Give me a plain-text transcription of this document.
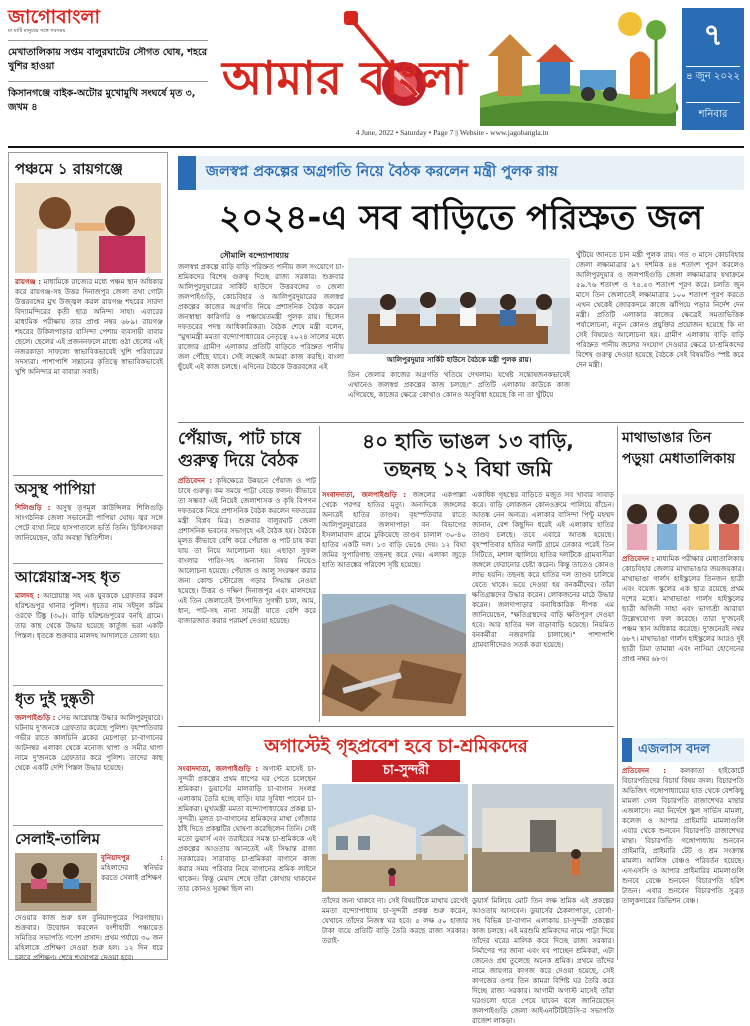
জাগোবাংলা
মা মাটি মানুষের সঙ্গে সবসময়
মেখাতালিকায় সপ্তম বালুরঘাটের সৌগত ঘোষ, শহরে খুশির হাওয়া
কিসানগঞ্জে বাইক-অটোর মুখোমুখি সংঘর্ষে মৃত ৩, জখম ৪
আমার বাংলা
৭
৪ জুন ২০২২
শনিবার
4 June, 2022 • Saturday • Page 7 || Website - www.jagobangla.in
পঞ্চমে ১ রায়গঞ্জে
রায়গঞ্জ : মাধ্যমিকে রাজ্যের মধ্যে পঞ্চম স্থান অধিকার করে রায়গঞ্জ-সহ উত্তর দিনাজপুর জেলা তথা গোটা উত্তরবঙ্গের মুখ উজ্জ্বল করল রায়গঞ্জ শহরের সারদা বিদ্যামন্দিরের কৃতী ছাত্র অনিন্দ্য সাহা। এবারের মাধ্যমিক পরীক্ষায় তার প্রাপ্ত নম্বর ৬৮৯। রায়গঞ্জ শহরের উকিলপাড়ার বাসিন্দা পেশায় ব্যবসায়ী বাবার ছেলে। ছেলের এই প্রজননফলে মাধ্যে ওঠা ছেলের এই নজরকাড়া সাফল্যে স্বাভাবিকভাবেই খুশি পরিবারের সদস্যরা। পাশাপাশি সন্তানের কৃতিত্বে স্বাভাবিকভাবেই খুশি অনিন্দ্যর মা বাবারা সবাই।
অসুস্থ পাপিয়া
শিলিগুড়ি : অসুস্থ তৃণমূল কাউন্সিলর শিলিগুড়ি সাংগঠনিক জেলা সভানেত্রী পাপিয়া ঘোষ। জ্বর সঙ্গে পেটে ব্যথা নিয়ে হাসপাতালে ভর্তি তিনি। চিকিৎসকরা জানিয়েছেন, তাঁর অবস্থা স্থিতিশীল।
আগ্নেয়াস্ত্র-সহ ধৃত
মালদহ : আগ্নেয়াস্ত্র সহ এক যুবককে গ্রেফতার করল হরিশ্চন্দ্রপুর থানার পুলিশ। ধৃতের নাম সইদুল করিম ওরফে টিঙ্কু (৩০)। বাড়ি হরিশ্চন্দ্রপুরের বনহি গ্রামে। তার কাছ থেকে উদ্ধার হয়েছে কার্তুজ ভরা একটি পিস্তল। ধৃতকে শুক্রবার মালদহ আদালতে তোলা হয়।
ধৃত দুই দুষ্কৃতী
জলপাইগুড়ি : সেভ আগ্নেয়াস্ত্র উদ্ধার আলিপুরদুয়ারে। ঘটনায় দু'জনকে গ্রেফতার করেছে পুলিশ। বৃহস্পতিবার গভীর রাতে কালচিনি ব্লকের মেচপাড়া চা-বাগানের আটনম্বর এলাকা থেকে মনোজ থাপা ও সমীর থাপা নামে দু'জনকে গ্রেফতার করে পুলিশ। তাদের কাছ থেকে একটি দেশি পিস্তল উদ্ধার হয়েছে।
সেলাই-তালিম
বুনিয়াদপুর : মহিলাদের স্বনির্ভর করতে সেলাই প্রশিক্ষণ
দেওয়ার কাজ শুরু হল বুনিয়াদপুরের পিরগাছায়। শুক্রবার। উদ্বোধন করলেন বংশীহারী পঞ্চায়েত সমিতির সভাপতি গণেশ প্রসাদ। প্রথম পর্যায়ে ৩০ জন মহিলাকে প্রশিক্ষণ দেওয়া শুরু হল। ১২ দিন ধরে চলবে প্রশিক্ষণ। শেষে শংসাপত্র দেওয়া হবে।
জলস্বপ্ন প্রকল্পের অগ্রগতি নিয়ে বৈঠক করলেন মন্ত্রী পুলক রায়
২০২৪-এ সব বাড়িতে পরিস্রুত জল
সৌমালি বন্দ্যোপাধ্যায়
জলস্বপ্ন প্রকল্পে বাড়ি বাড়ি পরিস্রুত পানীয় জল সংযোগে চা-শ্রমিকদের বিশেষ গুরুত্ব দিচ্ছে রাজ্য সরকার। শুক্রবার আলিপুরদুয়ারের সার্কিট হাউসে উত্তরবঙ্গের ৩ জেলা জলপাইগুড়ি, কোচবিহার ও আলিপুরদুয়ারের জলস্বপ্ন প্রকল্পের কাজের অগ্রগতি নিয়ে প্রশাসনিক বৈঠক করেন জনস্বাস্থ্য কারিগরি ও পঞ্চায়েতমন্ত্রী পুলক রায়। ছিলেন দফতরের পদস্থ আধিকারিকরা। বৈঠক শেষে মন্ত্রী বলেন, "মুখ্যমন্ত্রী মমতা বন্দ্যোপাধ্যায়ের নেতৃত্বে ২০২৪ সালের মধ্যে রাজ্যের গ্রামীণ এলাকার প্রতিটি বাড়িতে পরিস্রুত পানীয় জল পৌঁছে যাবে। সেই লক্ষ্যেই আমরা কাজ করছি। বাংলা ছুঁয়েই এই কাজ চলছে। এদিনের বৈঠকে উত্তরবঙ্গের এই
আলিপুরদুয়ার সার্কিট হাউসে বৈঠকে মন্ত্রী পুলক রায়।
তিন জেলার কাজের অগ্রগতি খতিয়ে দেখলাম। যথেষ্ট সন্তোষজনকভাবেই এখানেও জলস্বপ্ন প্রকল্পের কাজ চলছে।" প্রতিটি এলাকায় কাউকে কাজ এগিয়েছে, কাজের ক্ষেত্রে কোথাও কোনও অসুবিধা হয়েছে কি না তা খুঁটিয়ে
খুঁটিয়ে জানতে চান মন্ত্রী পুলক রায়। গত ৩ মাসে কোচবিহার জেলা লক্ষ্যমাত্রার ৯৭ দশমিক ৪৪ শতাংশ পূরণ করলেও আলিপুরদুয়ার ও জলপাইগুড়ি জেলা লক্ষ্যমাত্রার যথাক্রমে ৫৯.৭৬ শতাংশ ও ৭৫.৫৩ শতাংশ পূরণ করে। চলতি জুন মাসে তিন জেলাতেই লক্ষ্যমাত্রার ১০০ শতাংশ পূরণ করতে এখন থেকেই জোরকদমে কাজে ঝাঁপিয়ে পড়ার নির্দেশ দেন মন্ত্রী। প্রতিটি এলাকার কাজের ক্ষেত্রেই সমতাভিত্তিক পর্যালোচনা, নতুন কোনও প্রযুক্তির প্রয়োজন হয়েছে কি না সেই বিষয়েও আলোচনা হয়। গ্রামীণ এলাকায় বাড়ি বাড়ি পরিস্রুত পানীয় জলের সংযোগ দেওয়ার ক্ষেত্রে চা-শ্রমিকদের বিশেষ গুরুত্ব দেওয়া হয়েছে বৈঠকে সেই বিষয়টিও স্পষ্ট করে দেন মন্ত্রী।
পেঁয়াজ, পাট চাষে গুরুত্ব দিয়ে বৈঠক
প্রতিবেদন : কৃষিক্ষেত্রে উন্নয়নে পেঁয়াজ ও পাট চাষে গুরুত্ব। কম সময়ে পাট্টা বেড়ে ফলন। কীভাবে তা সম্ভব? এই নিয়েই জেলাশাসক ও কৃষি বিপণন দফতরকে নিয়ে প্রশাসনিক বৈঠক করলেন দফতরের মন্ত্রী বিপ্লব মিত্র। শুক্রবার বালুরঘাট জেলা প্রশাসনিক ভবনের সভাগৃহে এই বৈঠক হয়। বৈঠকে মূলত কীভাবে বেশি করে পেঁয়াজ ও পাট চাষ করা যায় তা নিয়ে আলোচনা হয়। এছাড়া সুফল বাংলার পারিং-সহ অন্যান্য বিষয় নিয়েও আলোচনা হয়েছে। পেঁয়াজ ও আলু সংরক্ষণ করার জন্য কোল্ড স্টোরেজ গড়ার সিদ্ধান্ত নেওয়া হয়েছে। উত্তর ও দক্ষিণ দিনাজপুর এবং মালদহের এই তিন জেলাতেই উৎপাদিত সুগন্ধী চাল, আম, ধান, পাট-সহ নানা সামগ্রী যাতে বেশি করে বাজারজাত করার পরামর্শ দেওয়া হয়েছে।
৪০ হাতি ভাঙল ১৩ বাড়ি,
তছনছ ১২ বিঘা জমি
সংবাদদাতা, জলপাইগুড়ি : জঙ্গলের একপাল্লা থেকে পরপর হাতির মৃত্যু। অন্যদিকে জঙ্গলের অন্যত্রই হাতির তাণ্ডব। বৃহস্পতিবার রাতে আলিপুরদুয়ারের জলদাপাড়া বন বিভাগের ইসলামাবাদ গ্রামে ঢুকিয়েছে তাণ্ডব চালাল ৩০-৪০ হাতির একটি দল। ১৩ বাড়ি ভেঙে দেয়। ১২ বিঘা জমির সুপারিগাছ তছনছ করে দেয়। এলাকা জুড়ে হাতি আতঙ্কের পরিবেশ সৃষ্টি হয়েছে।
একাধিক গৃহস্থের বাড়িতে মজুত সব খাবার সাবাড় করে। বাড়ি লোকজন কোনওক্রমে পালিয়ে বাঁচেন। আতঙ্ক নেন অন্যত্র। এলাকার বাসিন্দা পিন্টু মহম্মদ জানান, বেশ কিছুদিন ধরেই এই এলাকায় হাতির তাণ্ডব চলছে। তবে এবারে আতঙ্ক হয়েছে। বৃহস্পতিবার হাতির দলটি গ্রামে ঢোকার পরেই তিন সিটিতে, মশাল জ্বালিয়ে হাতির দলটিকে গ্রামবাসীরা জঙ্গলে ফেরানোর চেষ্টা করেন। কিন্তু তাতেও কোনও লাভ হয়নি। তছনছ করে হাতির দল তাণ্ডব চালিয়ে যেতে থাকে। ভয়ে দেওয়া হয় বনকর্মীদের। তাঁরা ক্ষতিগ্রস্তদের উদ্ধার করেন। লোকজনের মাঠে উদ্ধার করেন। জলদাপাড়ার বনাধিকারিক দীপক এম জানিয়েছেন, "ক্ষতিগ্রস্থদের বাড়ি ক্ষতিপূরণ দেওয়া হবে। আর হাতির দল বাড়াবাড়ি হয়েছে। নিয়মিত বনকর্মীরা নজরদারি চালাচ্ছে।" পাশাপাশি গ্রামবাসীদেরও সতর্ক করা হয়েছে।
মাথাভাঙার তিন পড়ুয়া মেধাতালিকায়
প্রতিবেদন : মাধ্যমিক পরীক্ষার মেধাতালিকায় কোচবিহার জেলার মাথাভাঙার জয়জয়কার। মাথাভাঙা গার্লস হাইস্কুলের তিনজন ছাত্রী এবং বয়েজ স্কুলের এক ছাত্র রয়েছে প্রথম দশের মধ্যে। মাথাভাঙা গার্লস হাইস্কুলের ছাত্রী অজিনী সাহা এবং ভাগ্যশ্রী আরায়া উল্লেখযোগ্য ফল করেছে। তারা দু'জনেই পঞ্চম স্থান অধিকার করেছে। দু'জনেরই নম্বর ৬৮৭। মাথাভাঙা গার্লস হাইস্কুলের আরও দুই ছাত্রী রিমা তামান্না এবং নাসিমা হোসেনের প্রাপ্ত নম্বর ৬৮৩।
অগাস্টেই গৃহপ্রবেশ হবে চা-শ্রমিকদের
সংবাদদাতা, জলপাইগুড়ি : অগাস্ট মাসেই চা-সুন্দরী প্রকল্পের প্রথম ধাপের ঘর পেতে চলেছেন শ্রমিকরা। ডুয়ার্সের মালবাড়ি চা-বাগান সংলগ্ন এলাকায় তৈরি হচ্ছে বাড়ি। যার সুবিধা পাবেন চা-শ্রমিকরা। মুখ্যমন্ত্রী মমতা বন্দ্যোপাধ্যায়ের প্রকল্প চা-সুন্দরী। মূলত চা-বাগানের শ্রমিকদের মাথা গোঁজার ঠাঁই দিতে প্রকল্পটির ঘোষণা করেছিলেন তিনি। সেই মতো ডুয়ার্স এবং তরাইয়ের সমস্ত চা-শ্রমিককে এই প্রকল্পের আওতায় আনতেই এই সিদ্ধান্ত রাজ্য সরকারের। সারাবাড় চা-শ্রমিকরা বাগানে কাজ করার সময় পরিবার নিয়ে বাগানের শ্রমিক লাইনে থাকেন। কিন্তু মেয়াদ শেষে তাঁরা কোথায় থাকবেন তার কোনও সুরক্ষা ছিল না।
চা-সুন্দরী
তাঁদের জন্য থাকবে না। সেই বিষয়টিকে মাথায় রেখেই মমতা বন্দ্যোপাধ্যায় চা-সুন্দরী প্রকল্প শুরু করেন, যেখানে তাঁদের নিজস্ব ঘর হবে। ৫ লক্ষ ৫০ হাজার টাকা ব্যয়ে প্রতিটি বাড়ি তৈরি করছে রাজ্য সরকার। তরাই-
ডুয়ার্স মিলিয়ে মোট তিন লক্ষ শ্রমিক এই প্রকল্পের আওতায় আসবেন। ডুয়ার্সের ঠেকলাপাড়া, তোর্সা-সহ বিভিন্ন চা-বাগান এলাকায় চা-সুন্দরী প্রকল্পের কাজ চলছে। এই মরশুমি শ্রমিকদের নামে পাট্টা দিয়ে তাঁদের ঘরের মালিক করে দিচ্ছে রাজ্য সরকার। নির্মাণের পর জানা এবং যব পাচ্ছেন শ্রমিকরা, এটা জেনেও প্রশ্ন তুলেছে অনেক শ্রমিক। প্রথমে তাঁদের নামে জায়গার কাগজ করে দেওয়া হয়েছে, সেই কাগজের ওপর তিন কামরা বিশিষ্ট ঘর তৈরি করে দিচ্ছে রাজ্য সরকার। আগামী অগাস্ট মাসেই তাঁরা ঘরগুলো হাতে পেয়ে যাবেন বলে জানিয়েছেন জলপাইগুড়ি জেলা আইএনটিটিইউসি-র সভাপতি রাজেশ লাকড়া।
এজলাস বদল
প্রতিবেদন : কলকাতা হাইকোর্টে বিচারপতিদের বিচার্য বিষয় বদল। বিচারপতি অভিজিৎ গঙ্গোপাধ্যায়ের হাত থেকে বেশকিছু মামলা গেল বিচারপতি রাজাশেখর মান্থার এজলাসে। নয়া নির্দেশে স্কুল সার্ভিস মামলা, কলেজ ও আপার প্রাইমারি মামলাগুলি এবার থেকে শুনবেন বিচারপতি রাজাশেখর মান্থা। বিচারপতি গঙ্গোপাধ্যায় শুনবেন প্রাইমারি, প্রাইমারি টেট ও শ্রম সংক্রান্ত মামলা। আলিঙ্গ বেঞ্চও পরিবর্তন হয়েছে। এসএসসি ও আপার প্রাইমারির মামলাগুলি শুনবে বেঞ্চে শুনবেন বিচারপতি হরিশ টান্ডন। এবার শুনবেন বিচারপতি সুব্রত তালুকদারের ডিভিশন বেঞ্চ।
